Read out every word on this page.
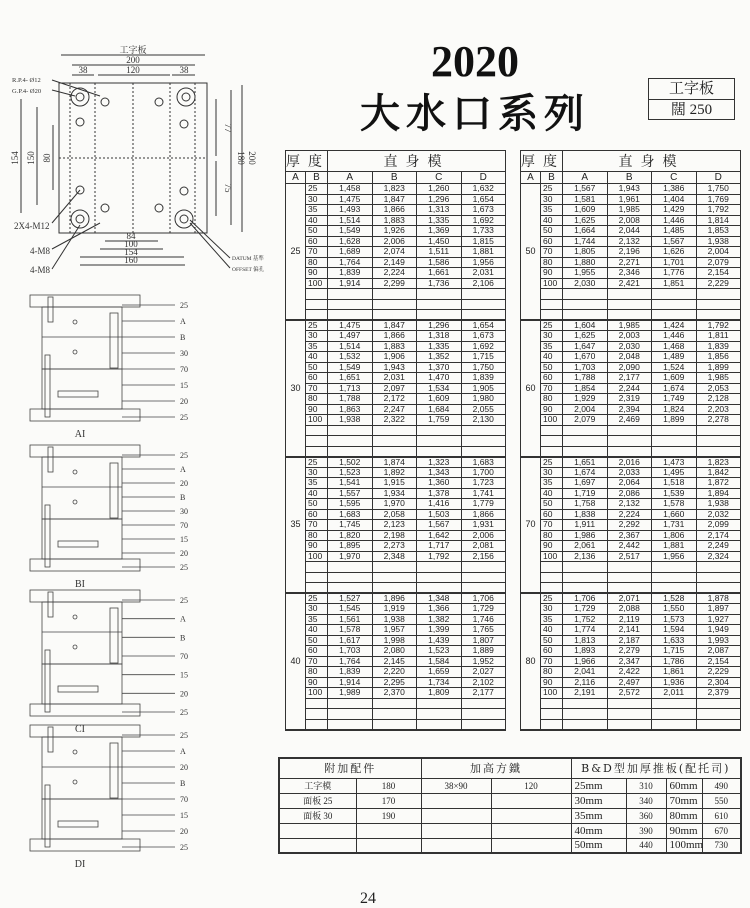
2020
大水口系列
工字板
闊 250
工字板
200
38	120	38
84
100
154
160
154 150 80
77
75
180 200
R.P.4- Ø12
G.P.4- Ø20
2X4-M12
4-M8
4-M8
DATUM 基準
OFFSET 偏孔
25
A
B
30
70
15
20
25
AI
25
A
20
B
30
70
15
20
25
BI
25
A
B
70
15
20
25
CI
25
A
20
B
70
15
20
25
DI
厚度		直身模			
A	B	A	B	C	D
25	25	1,458	1,823	1,260	1,632
	30	1,475	1,847	1,296	1,654
	35	1,493	1,866	1,313	1,673
	40	1,514	1,883	1,335	1,692
	50	1,549	1,926	1,369	1,733
	60	1,628	2,006	1,450	1,815
	70	1,689	2,074	1,511	1,881
	80	1,764	2,149	1,586	1,956
	90	1,839	2,224	1,661	2,031
	100	1,914	2,299	1,736	2,106

30	25	1,475	1,847	1,296	1,654
	30	1,497	1,866	1,318	1,673
	35	1,514	1,883	1,335	1,692
	40	1,532	1,906	1,352	1,715
	50	1,549	1,943	1,370	1,750
	60	1,651	2,031	1,470	1,839
	70	1,713	2,097	1,534	1,905
	80	1,788	2,172	1,609	1,980
	90	1,863	2,247	1,684	2,055
	100	1,938	2,322	1,759	2,130

35	25	1,502	1,874	1,323	1,683
	30	1,523	1,892	1,343	1,700
	35	1,541	1,915	1,360	1,723
	40	1,557	1,934	1,378	1,741
	50	1,595	1,970	1,416	1,779
	60	1,683	2,058	1,503	1,866
	70	1,745	2,123	1,567	1,931
	80	1,820	2,198	1,642	2,006
	90	1,895	2,273	1,717	2,081
	100	1,970	2,348	1,792	2,156

40	25	1,527	1,896	1,348	1,706
	30	1,545	1,919	1,366	1,729
	35	1,561	1,938	1,382	1,746
	40	1,578	1,957	1,399	1,765
	50	1,617	1,998	1,439	1,807
	60	1,703	2,080	1,523	1,889
	70	1,764	2,145	1,584	1,952
	80	1,839	2,220	1,659	2,027
	90	1,914	2,295	1,734	2,102
	100	1,989	2,370	1,809	2,177

厚度		直身模			
A	B	A	B	C	D
50	25	1,567	1,943	1,386	1,750
	30	1,581	1,961	1,404	1,769
	35	1,609	1,985	1,429	1,792
	40	1,625	2,008	1,446	1,814
	50	1,664	2,044	1,485	1,853
	60	1,744	2,132	1,567	1,938
	70	1,805	2,196	1,626	2,004
	80	1,880	2,271	1,701	2,079
	90	1,955	2,346	1,776	2,154
	100	2,030	2,421	1,851	2,229

60	25	1,604	1,985	1,424	1,792
	30	1,625	2,003	1,446	1,811
	35	1,647	2,030	1,468	1,839
	40	1,670	2,048	1,489	1,856
	50	1,703	2,090	1,524	1,899
	60	1,788	2,177	1,609	1,985
	70	1,854	2,244	1,674	2,053
	80	1,929	2,319	1,749	2,128
	90	2,004	2,394	1,824	2,203
	100	2,079	2,469	1,899	2,278

70	25	1,651	2,016	1,473	1,823
	30	1,674	2,033	1,495	1,842
	35	1,697	2,064	1,518	1,872
	40	1,719	2,086	1,539	1,894
	50	1,758	2,132	1,578	1,938
	60	1,838	2,224	1,660	2,032
	70	1,911	2,292	1,731	2,099
	80	1,986	2,367	1,806	2,174
	90	2,061	2,442	1,881	2,249
	100	2,136	2,517	1,956	2,324

80	25	1,706	2,071	1,528	1,878
	30	1,729	2,088	1,550	1,897
	35	1,752	2,119	1,573	1,927
	40	1,774	2,141	1,594	1,949
	50	1,813	2,187	1,633	1,993
	60	1,893	2,279	1,715	2,087
	70	1,966	2,347	1,786	2,154
	80	2,041	2,422	1,861	2,229
	90	2,116	2,497	1,936	2,304
	100	2,191	2,572	2,011	2,379

附加配件		加高方鐵		B&D型加厚推板(配托司)			
工字模	180	38×90	120	25mm	310	60mm	490
面板 25	170			30mm	340	70mm	550
面板 30	190			35mm	360	80mm	610
				40mm	390	90mm	670
				50mm	440	100mm	730
24
